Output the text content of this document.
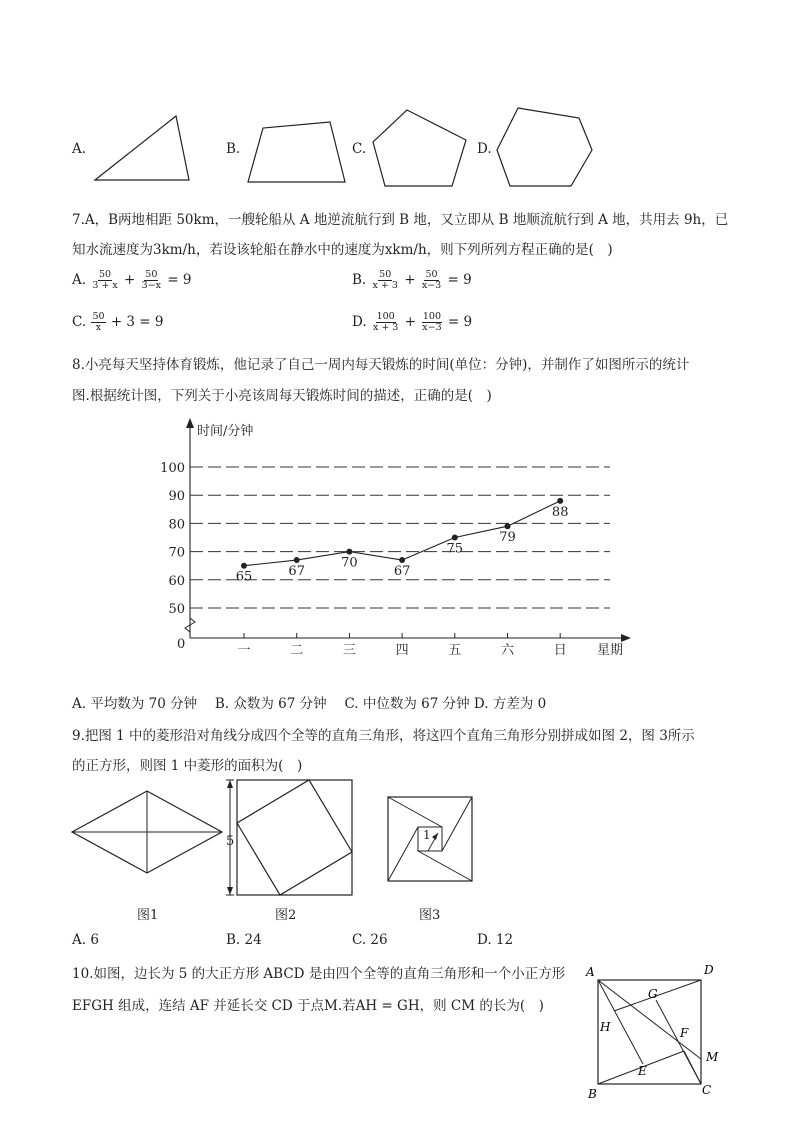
A.	B.	C.	D.
7.A，B两地相距 50km，一艘轮船从 A 地逆流航行到 B 地，又立即从 B 地顺流航行到 A 地，共用去 9h，已
知水流速度为3km/h，若设该轮船在静水中的速度为xkm/h，则下列所列方程正确的是(　)
A. $\frac{50}{3 + x} + \frac{50}{3-x} = 9$	B. $\frac{50}{x + 3} + \frac{50}{x-3} = 9$
C. $\frac{50}{x} + 3 = 9$	D. $\frac{100}{x + 3} + \frac{100}{x-3} = 9$
8.小亮每天坚持体育锻炼，他记录了自己一周内每天锻炼的时间(单位：分钟)，并制作了如图所示的统计
图.根据统计图，下列关于小亮该周每天锻炼时间的描述，正确的是(　)
50
60
70
80
90
100
时间/分钟
星期
0	一	二	三	四	五	六	日
65	67
70
67
75
79
88
A. 平均数为 70 分钟　 B. 众数为 67 分钟　 C. 中位数为 67 分钟 D. 方差为 0
9.把图 1 中的菱形沿对角线分成四个全等的直角三角形，将这四个直角三角形分别拼成如图 2，图 3所示
的正方形，则图 1 中菱形的面积为(　)
5	1
图1	图2	图3
A. 6	B. 24	C. 26	D. 12
10.如图，边长为 5 的大正方形 ABCD 是由四个全等的直角三角形和一个小正方形
EFGH 组成，连结 AF 并延长交 CD 于点M.若AH = GH，则 CM 的长为(　)
A	D
G
H	F
M
E
B	C
